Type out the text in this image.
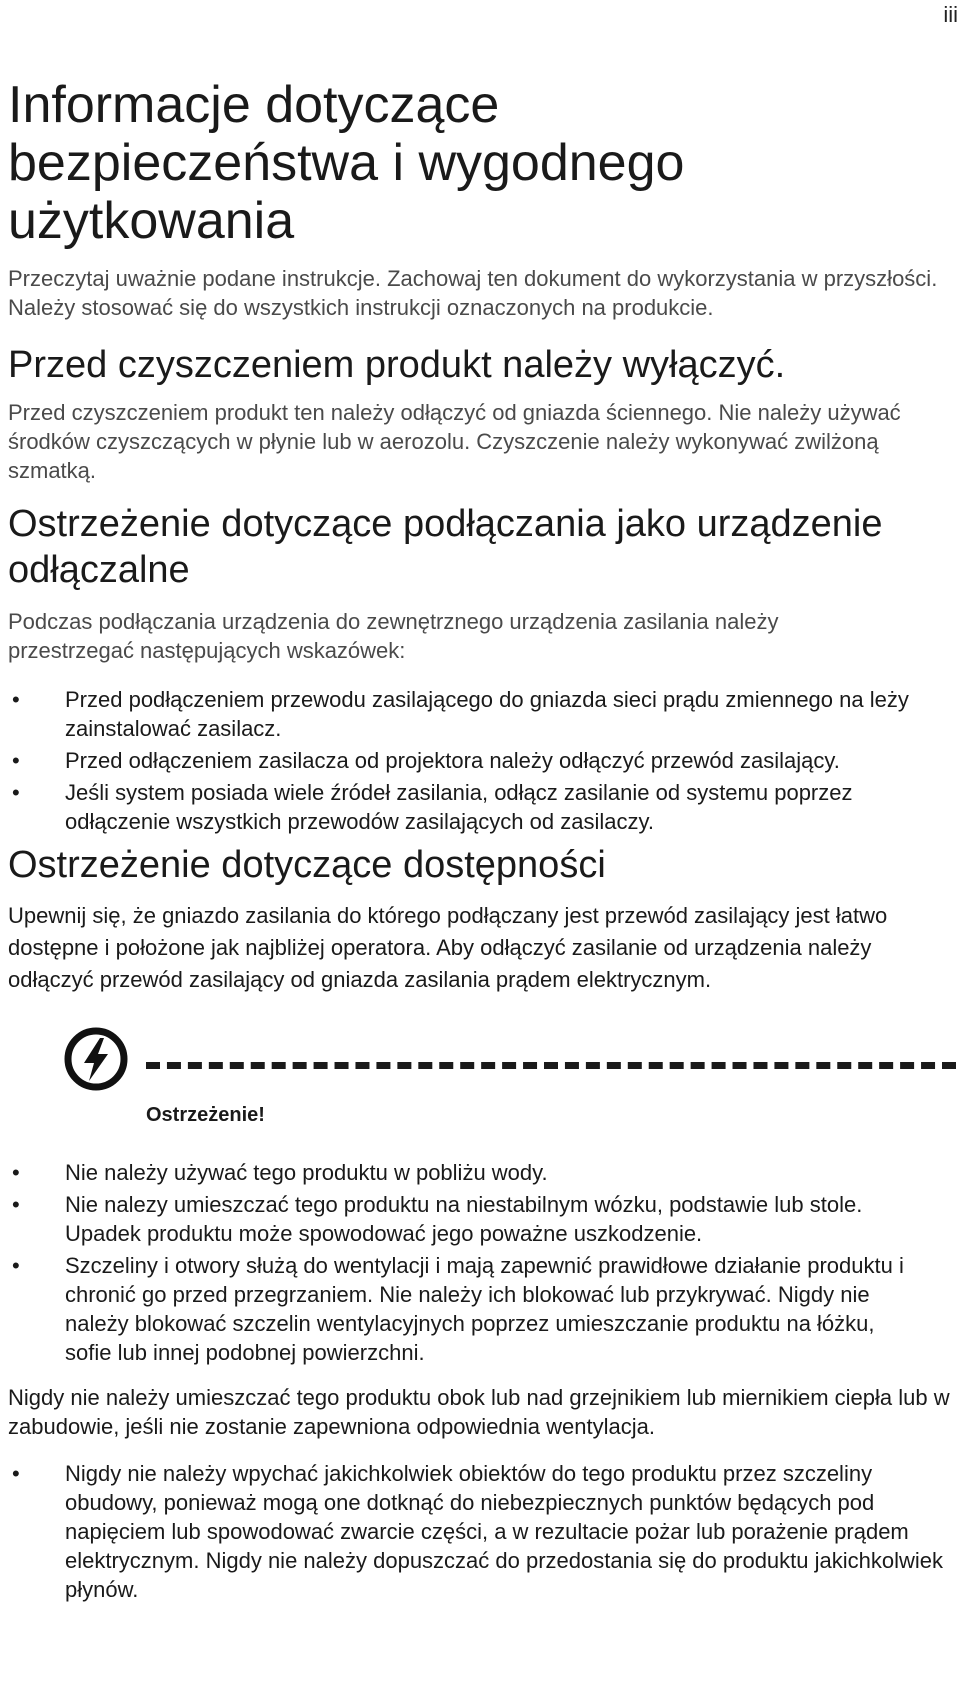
iii
Informacje dotyczące bezpieczeństwa i wygodnego użytkowania

Przeczytaj uważnie podane instrukcje. Zachowaj ten dokument do wykorzystania w przyszłości. Należy stosować się do wszystkich instrukcji oznaczonych na produkcie.

Przed czyszczeniem produkt należy wyłączyć.

Przed czyszczeniem produkt ten należy odłączyć od gniazda ściennego. Nie należy używać środków czyszczących w płynie lub w aerozolu. Czyszczenie należy wykonywać zwilżoną szmatką.

Ostrzeżenie dotyczące podłączania jako urządzenie odłączalne

Podczas podłączania urządzenia do zewnętrznego urządzenia zasilania należy przestrzegać następujących wskazówek:

• Przed podłączeniem przewodu zasilającego do gniazda sieci prądu zmiennego na leży zainstalować zasilacz.
• Przed odłączeniem zasilacza od projektora należy odłączyć przewód zasilający.
• Jeśli system posiada wiele źródeł zasilania, odłącz zasilanie od systemu poprzez odłączenie wszystkich przewodów zasilających od zasilaczy.
Ostrzeżenie dotyczące dostępności

Upewnij się, że gniazdo zasilania do którego podłączany jest przewód zasilający jest łatwo dostępne i położone jak najbliżej operatora. Aby odłączyć zasilanie od urządzenia należy odłączyć przewód zasilający od gniazda zasilania prądem elektrycznym.

Ostrzeżenie!
• Nie należy używać tego produktu w pobliżu wody.
• Nie nalezy umieszczać tego produktu na niestabilnym wózku, podstawie lub stole. Upadek produktu może spowodować jego poważne uszkodzenie.
• Szczeliny i otwory służą do wentylacji i mają zapewnić prawidłowe działanie produktu i chronić go przed przegrzaniem. Nie należy ich blokować lub przykrywać. Nigdy nie należy blokować szczelin wentylacyjnych poprzez umieszczanie produktu na łóżku, sofie lub innej podobnej powierzchni.

Nigdy nie należy umieszczać tego produktu obok lub nad grzejnikiem lub miernikiem ciepła lub w zabudowie, jeśli nie zostanie zapewniona odpowiednia wentylacja.

• Nigdy nie należy wpychać jakichkolwiek obiektów do tego produktu przez szczeliny obudowy, ponieważ mogą one dotknąć do niebezpiecznych punktów będących pod napięciem lub spowodować zwarcie części, a w rezultacie pożar lub porażenie prądem elektrycznym. Nigdy nie należy dopuszczać do przedostania się do produktu jakichkolwiek płynów.
